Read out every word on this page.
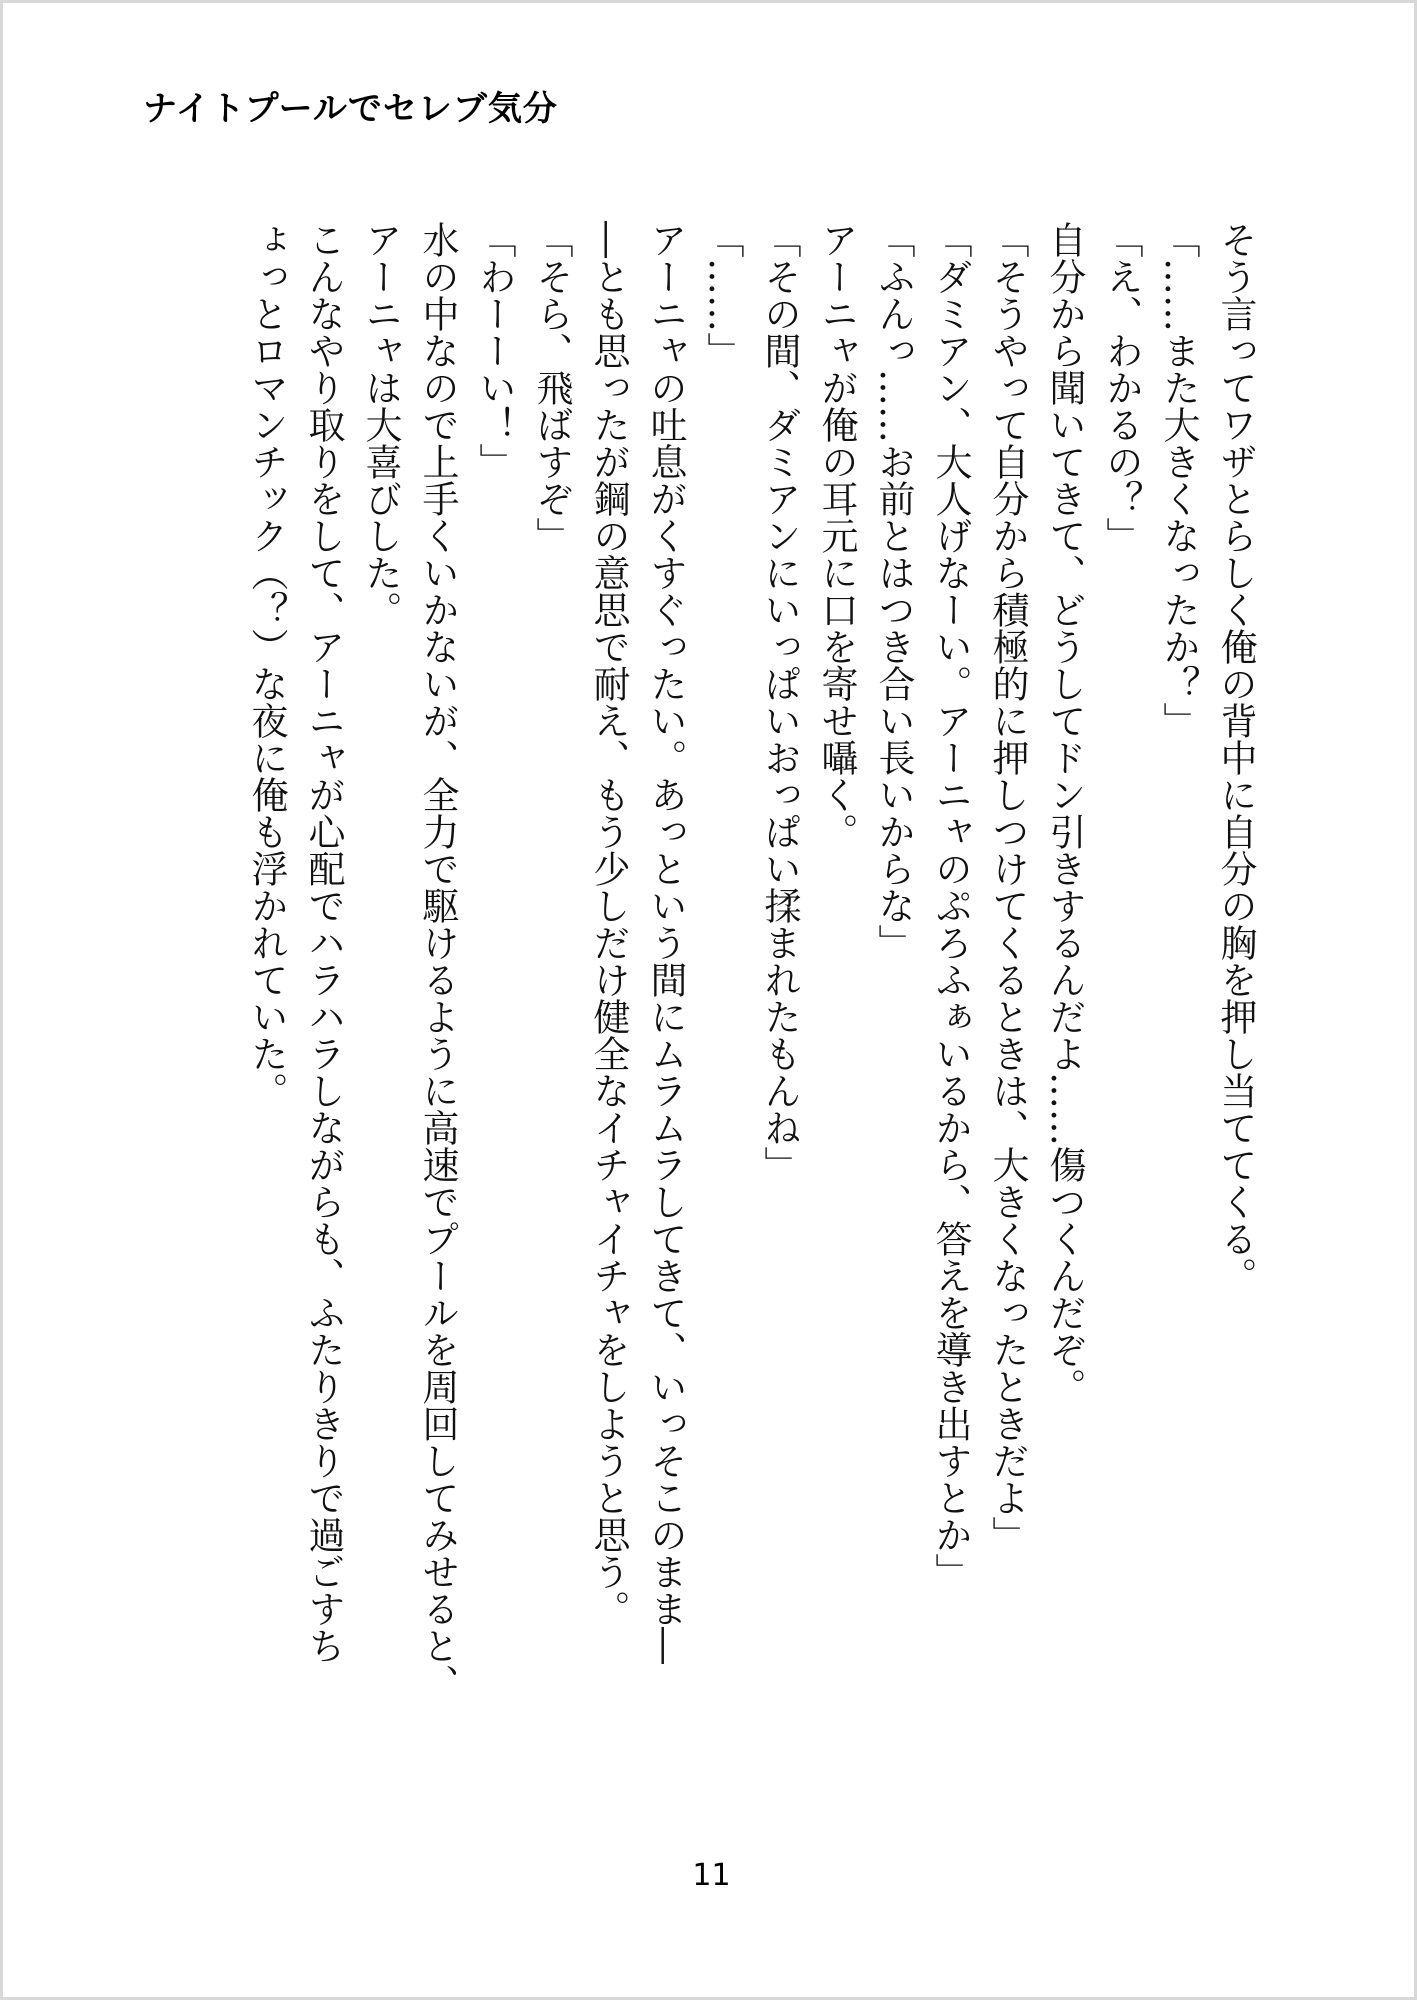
ナイトプールでセレブ気分
そう言ってワザとらしく俺の背中に自分の胸を押し当ててくる。
「……また大きくなったか？」
「え、わかるの？」
自分から聞いてきて、どうしてドン引きするんだよ……傷つくんだぞ。
「そうやって自分から積極的に押しつけてくるときは、大きくなったときだよ」
「ダミアン、大人げなーい。アーニャのぷろふぁいるから、答えを導き出すとか」
「ふんっ……お前とはつき合い長いからな」
アーニャが俺の耳元に口を寄せ囁く。
「その間、ダミアンにいっぱいおっぱい揉まれたもんね」
「……」
アーニャの吐息がくすぐったい。あっという間にムラムラしてきて、いっそこのまま―
―とも思ったが鋼の意思で耐え、もう少しだけ健全なイチャイチャをしようと思う。
「そら、飛ばすぞ」
「わーーい！」
水の中なので上手くいかないが、全力で駆けるように高速でプールを周回してみせると、
アーニャは大喜びした。
こんなやり取りをして、アーニャが心配でハラハラしながらも、ふたりきりで過ごすち
ょっとロマンチック（？）な夜に俺も浮かれていた。
11
